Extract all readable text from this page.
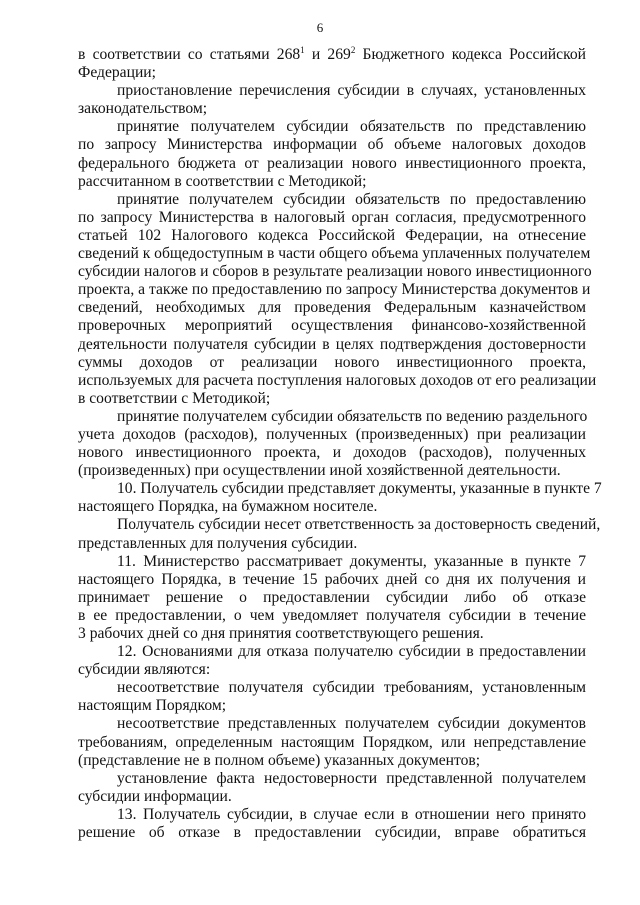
6
в соответствии со статьями $268^1$ и $269^2$ Бюджетного кодекса Российской
Федерации;
приостановление перечисления субсидии в случаях, установленных
законодательством;
принятие получателем субсидии обязательств по представлению
по запросу Министерства информации об объеме налоговых доходов
федерального бюджета от реализации нового инвестиционного проекта,
рассчитанном в соответствии с Методикой;
принятие получателем субсидии обязательств по предоставлению
по запросу Министерства в налоговый орган согласия, предусмотренного
статьей 102 Налогового кодекса Российской Федерации, на отнесение
сведений к общедоступным в части общего объема уплаченных получателем
субсидии налогов и сборов в результате реализации нового инвестиционного
проекта, а также по предоставлению по запросу Министерства документов и
сведений, необходимых для проведения Федеральным казначейством
проверочных мероприятий осуществления финансово-хозяйственной
деятельности получателя субсидии в целях подтверждения достоверности
суммы доходов от реализации нового инвестиционного проекта,
используемых для расчета поступления налоговых доходов от его реализации
в соответствии с Методикой;
принятие получателем субсидии обязательств по ведению раздельного
учета доходов (расходов), полученных (произведенных) при реализации
нового инвестиционного проекта, и доходов (расходов), полученных
(произведенных) при осуществлении иной хозяйственной деятельности.
10. Получатель субсидии представляет документы, указанные в пункте 7
настоящего Порядка, на бумажном носителе.
Получатель субсидии несет ответственность за достоверность сведений,
представленных для получения субсидии.
11. Министерство рассматривает документы, указанные в пункте 7
настоящего Порядка, в течение 15 рабочих дней со дня их получения и
принимает решение о предоставлении субсидии либо об отказе
в ее предоставлении, о чем уведомляет получателя субсидии в течение
3 рабочих дней со дня принятия соответствующего решения.
12. Основаниями для отказа получателю субсидии в предоставлении
субсидии являются:
несоответствие получателя субсидии требованиям, установленным
настоящим Порядком;
несоответствие представленных получателем субсидии документов
требованиям, определенным настоящим Порядком, или непредставление
(представление не в полном объеме) указанных документов;
установление факта недостоверности представленной получателем
субсидии информации.
13. Получатель субсидии, в случае если в отношении него принято
решение об отказе в предоставлении субсидии, вправе обратиться
